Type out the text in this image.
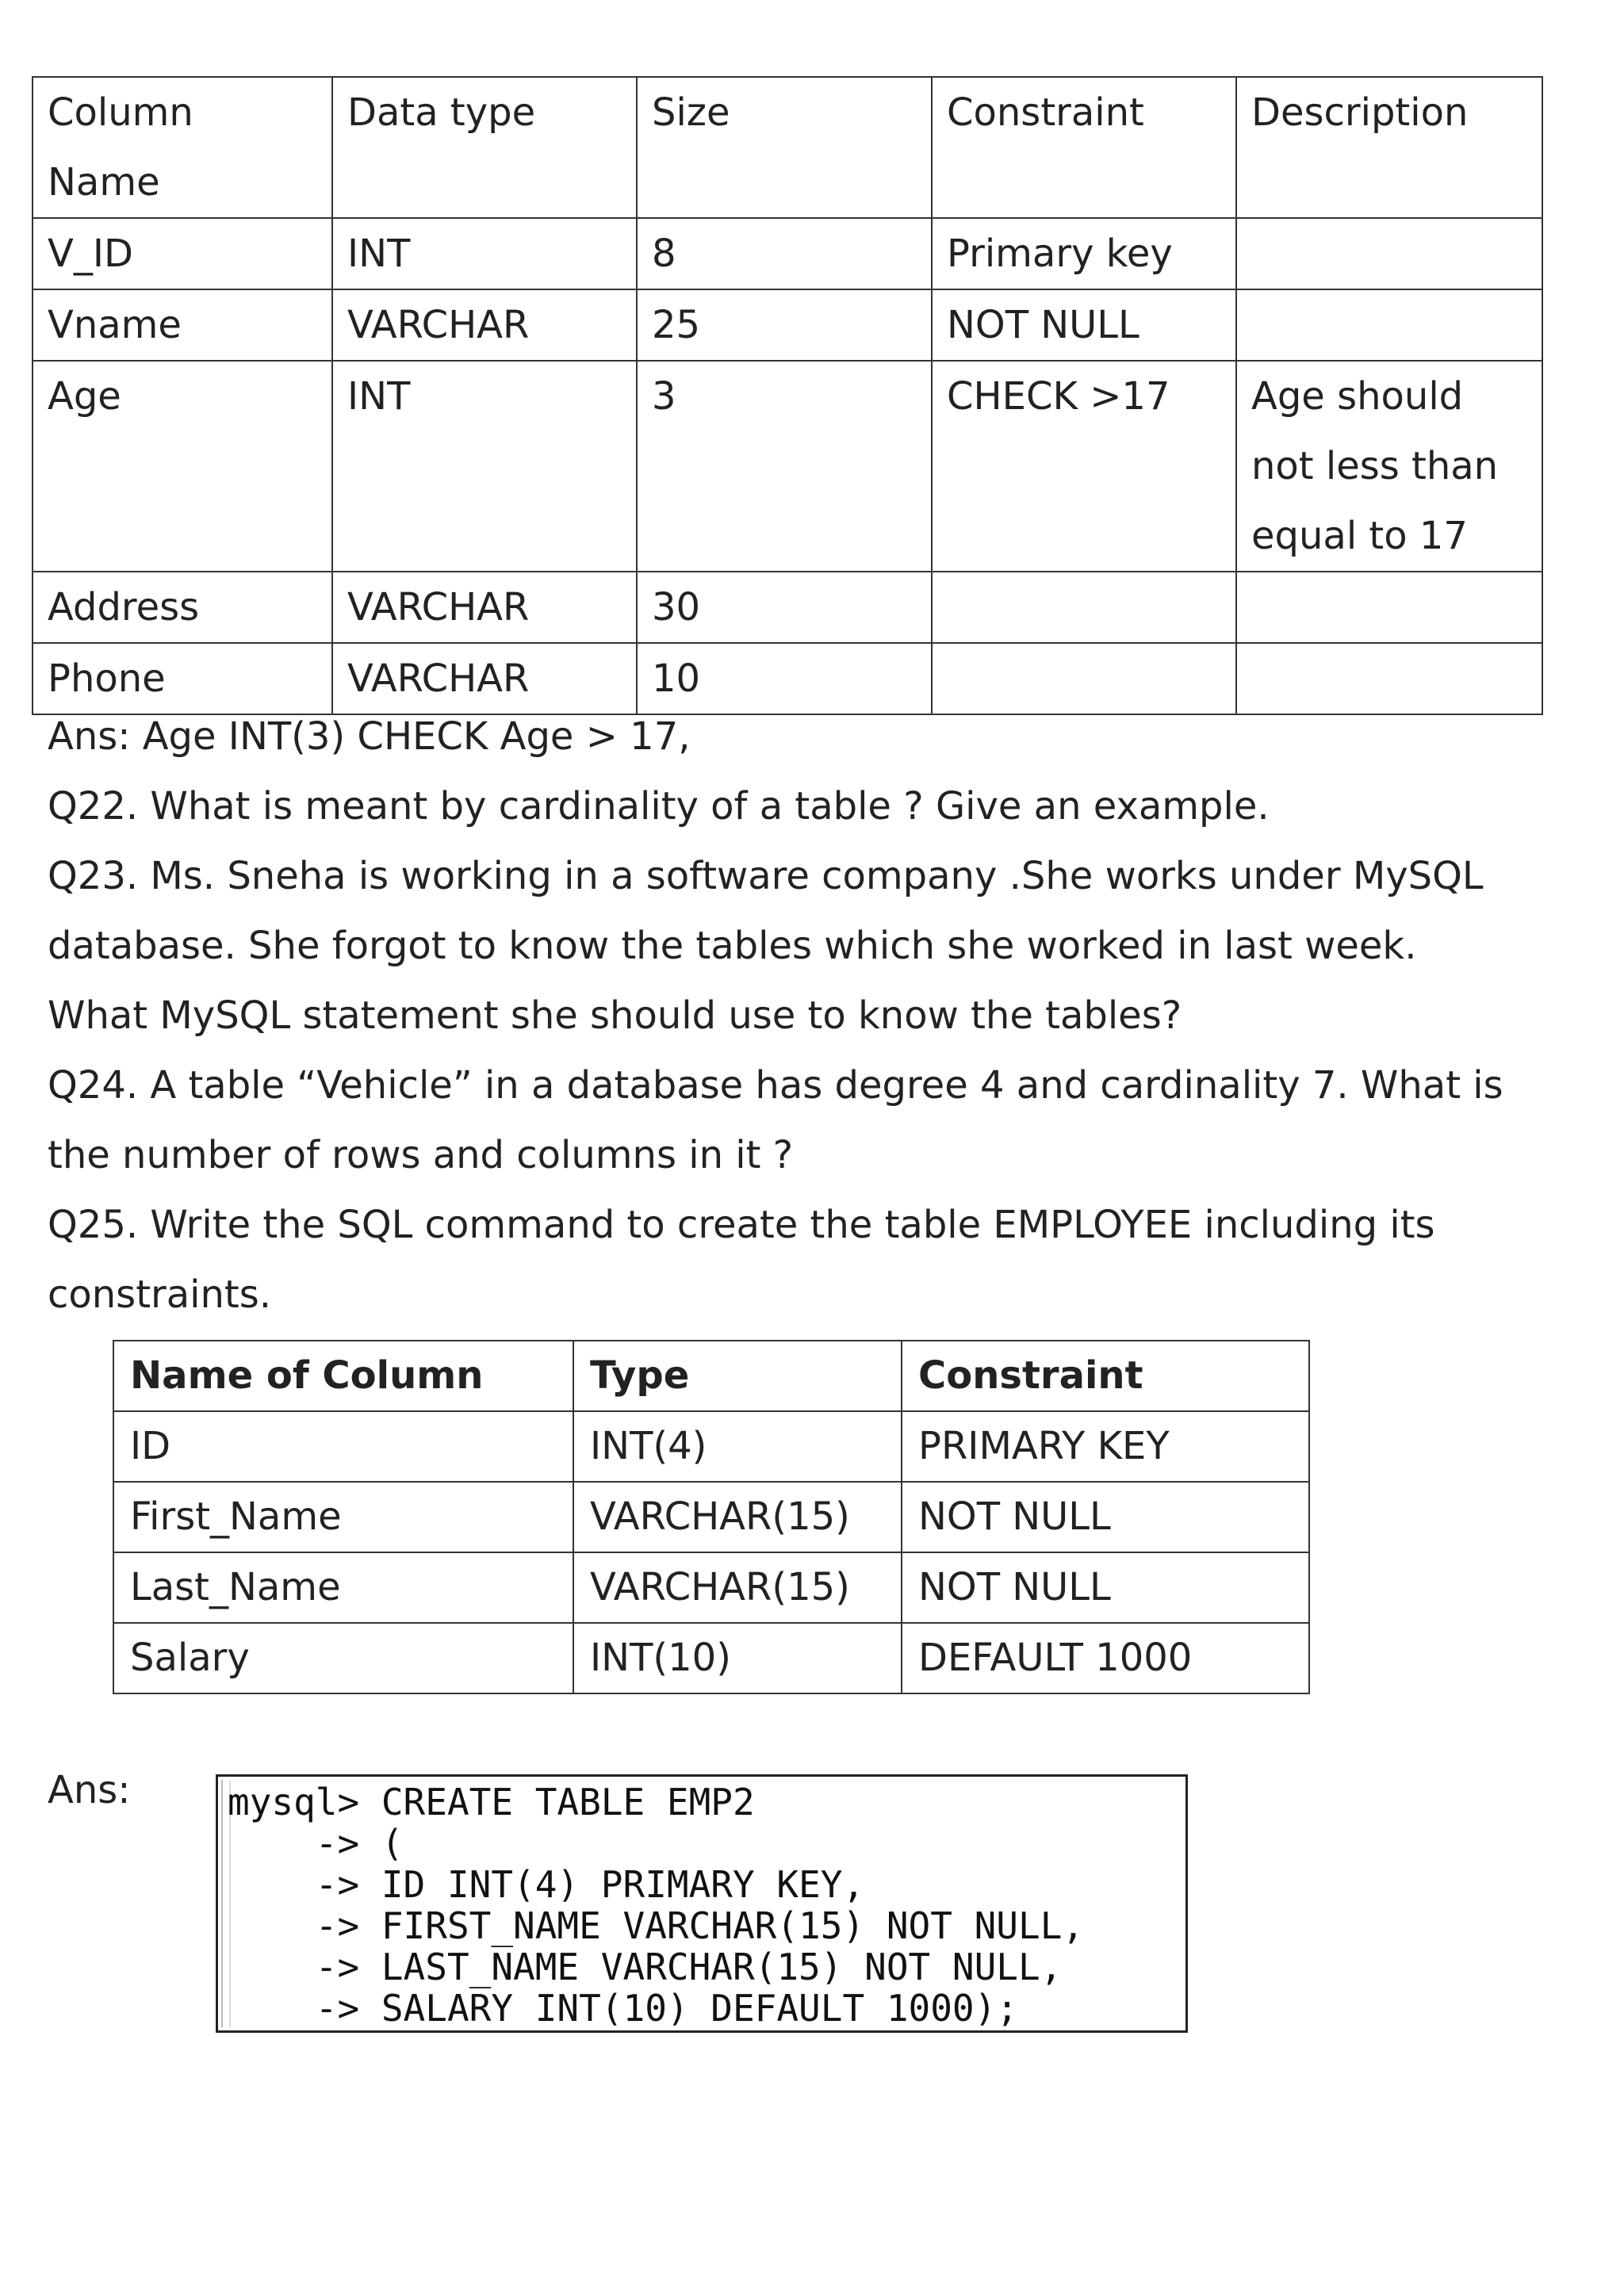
Column Name	Data type	Size	Constraint	Description
V_ID	INT	8	Primary key	
Vname	VARCHAR	25	NOT NULL	
Age	INT	3	CHECK >17	Age should
not less than
equal to 17

Address	VARCHAR	30		
Phone	VARCHAR	10		

Ans: Age INT(3) CHECK Age > 17,

Q22. What is meant by cardinality of a table ? Give an example.

Q23. Ms. Sneha is working in a software company .She works under MySQL

database. She forgot to know the tables which she worked in last week.

What MySQL statement she should use to know the tables?

Q24. A table “Vehicle” in a database has degree 4 and cardinality 7. What is

the number of rows and columns in it ?

Q25. Write the SQL command to create the table EMPLOYEE including its

constraints.

Name of Column	Type	Constraint
ID	INT(4)	PRIMARY KEY
First_Name	VARCHAR(15)	NOT NULL
Last_Name	VARCHAR(15)	NOT NULL
Salary	INT(10)	DEFAULT 1000
Ans:	mysql> CREATE TABLE EMP2
-> (
-> ID INT(4) PRIMARY KEY,
-> FIRST_NAME VARCHAR(15) NOT NULL,
-> LAST_NAME VARCHAR(15) NOT NULL,
-> SALARY INT(10) DEFAULT 1000);
